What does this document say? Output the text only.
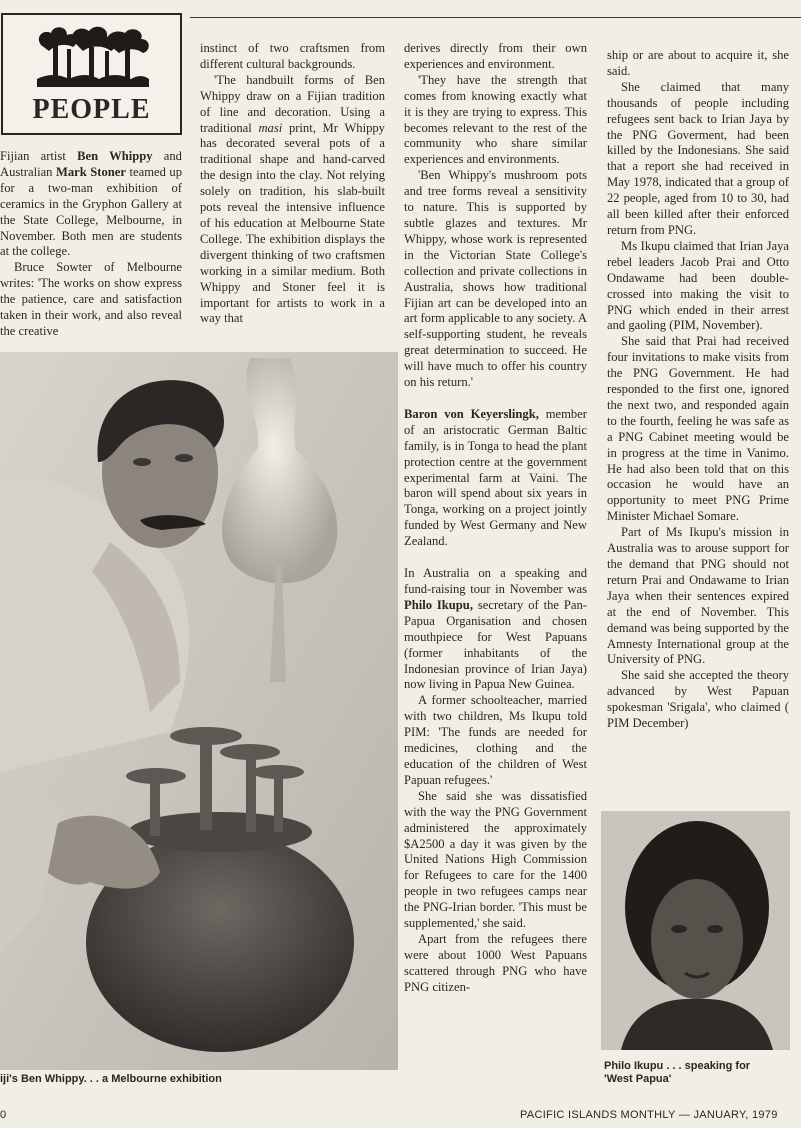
PEOPLE

Fijian artist Ben Whippy and Australian Mark Stoner teamed up for a two-man exhibition of ceramics in the Gryphon Gallery at the State College, Melbourne, in November. Both men are students at the college.

Bruce Sowter of Melbourne writes: 'The works on show express the patience, care and satisfaction taken in their work, and also reveal the creative

instinct of two craftsmen from different cultural backgrounds.

'The handbuilt forms of Ben Whippy draw on a Fijian tradition of line and decoration. Using a traditional masi print, Mr Whippy has decorated several pots of a traditional shape and hand-carved the design into the clay. Not relying solely on tradition, his slab-built pots reveal the intensive influence of his education at Melbourne State College. The exhibition displays the divergent thinking of two craftsmen working in a similar medium. Both Whippy and Stoner feel it is important for artists to work in a way that

iji's Ben Whippy. . . a Melbourne exhibition

derives directly from their own experiences and environment.

'They have the strength that comes from knowing exactly what it is they are trying to express. This becomes relevant to the rest of the community who share similar experiences and environments.

'Ben Whippy's mushroom pots and tree forms reveal a sensitivity to nature. This is supported by subtle glazes and textures. Mr Whippy, whose work is represented in the Victorian State College's collection and private collections in Australia, shows how traditional Fijian art can be developed into an art form applicable to any society. A self-supporting student, he reveals great determination to succeed. He will have much to offer his country on his return.'

Baron von Keyerslingk, member of an aristocratic German Baltic family, is in Tonga to head the plant protection centre at the government experimental farm at Vaini. The baron will spend about six years in Tonga, working on a project jointly funded by West Germany and New Zealand.

In Australia on a speaking and fund-raising tour in November was Philo Ikupu, secretary of the Pan-Papua Organisation and chosen mouthpiece for West Papuans (former inhabitants of the Indonesian province of Irian Jaya) now living in Papua New Guinea.

A former schoolteacher, married with two children, Ms Ikupu told PIM: 'The funds are needed for medicines, clothing and the education of the children of West Papuan refugees.'

She said she was dissatisfied with the way the PNG Government administered the approximately $A2500 a day it was given by the United Nations High Commission for Refugees to care for the 1400 people in two refugees camps near the PNG-Irian border. 'This must be supplemented,' she said.

Apart from the refugees there were about 1000 West Papuans scattered through PNG who have PNG citizen-

ship or are about to acquire it, she said.

She claimed that many thousands of people including refugees sent back to Irian Jaya by the PNG Goverment, had been killed by the Indonesians. She said that a report she had received in May 1978, indicated that a group of 22 people, aged from 10 to 30, had all been killed after their enforced return from PNG.

Ms Ikupu claimed that Irian Jaya rebel leaders Jacob Prai and Otto Ondawame had been double-crossed into making the visit to PNG which ended in their arrest and gaoling (PIM, November).

She said that Prai had received four invitations to make visits from the PNG Government. He had responded to the first one, ignored the next two, and responded again to the fourth, feeling he was safe as a PNG Cabinet meeting would be in progress at the time in Vanimo. He had also been told that on this occasion he would have an opportunity to meet PNG Prime Minister Michael Somare.

Part of Ms Ikupu's mission in Australia was to arouse support for the demand that PNG should not return Prai and Ondawame to Irian Jaya when their sentences expired at the end of November. This demand was being supported by the Amnesty International group at the University of PNG.

She said she accepted the theory advanced by West Papuan spokesman 'Srigala', who claimed ( PIM December)

Philo Ikupu . . . speaking for
'West Papua'
0	PACIFIC ISLANDS MONTHLY — JANUARY, 1979
